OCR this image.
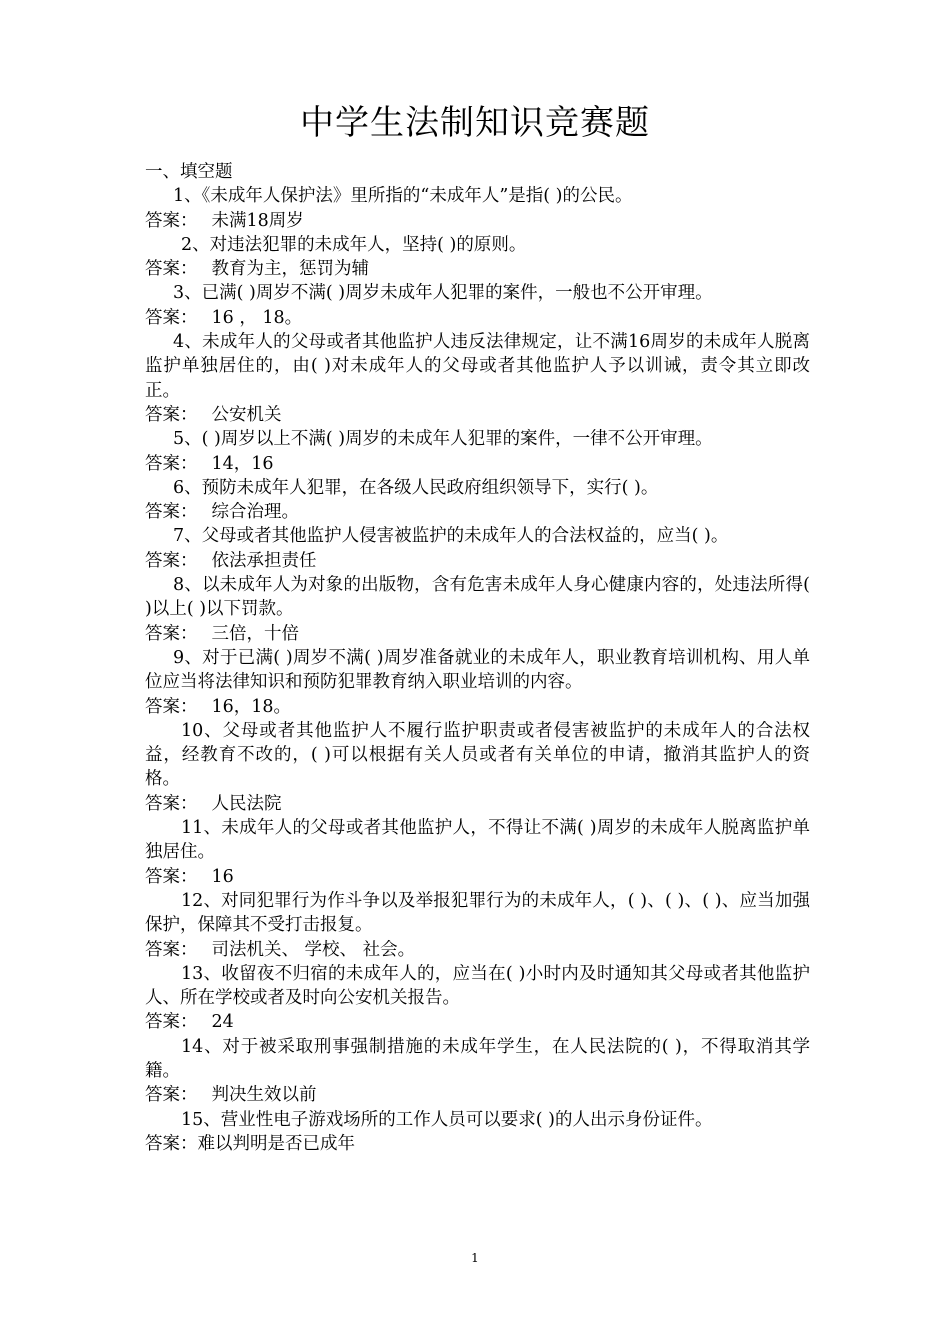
中学生法制知识竞赛题

一、填空题

1、《未成年人保护法》里所指的“未成年人”是指( )的公民。

答案： 未满18周岁

2、对违法犯罪的未成年人，坚持( )的原则。

答案： 教育为主，惩罚为辅

3、已满( )周岁不满( )周岁未成年人犯罪的案件，一般也不公开审理。

答案： 16 ， 18。

4、未成年人的父母或者其他监护人违反法律规定，让不满16周岁的未成年人脱离监护单独居住的，由( )对未成年人的父母或者其他监护人予以训诫，责令其立即改正。

答案： 公安机关

5、( )周岁以上不满( )周岁的未成年人犯罪的案件，一律不公开审理。

答案： 14，16

6、预防未成年人犯罪，在各级人民政府组织领导下，实行( )。

答案： 综合治理。

7、父母或者其他监护人侵害被监护的未成年人的合法权益的，应当( )。

答案： 依法承担责任

8、以未成年人为对象的出版物，含有危害未成年人身心健康内容的，处违法所得( )以上( )以下罚款。

答案： 三倍，十倍

9、对于已满( )周岁不满( )周岁准备就业的未成年人，职业教育培训机构、用人单位应当将法律知识和预防犯罪教育纳入职业培训的内容。

答案： 16，18。

10、父母或者其他监护人不履行监护职责或者侵害被监护的未成年人的合法权益，经教育不改的，( )可以根据有关人员或者有关单位的申请，撤消其监护人的资格。

答案： 人民法院

11、未成年人的父母或者其他监护人，不得让不满( )周岁的未成年人脱离监护单独居住。

答案： 16

12、对同犯罪行为作斗争以及举报犯罪行为的未成年人，( )、( )、( )、应当加强保护，保障其不受打击报复。

答案： 司法机关、 学校、 社会。

13、收留夜不归宿的未成年人的，应当在( )小时内及时通知其父母或者其他监护人、所在学校或者及时向公安机关报告。

答案： 24

14、对于被采取刑事强制措施的未成年学生，在人民法院的( )，不得取消其学籍。

答案： 判决生效以前

15、营业性电子游戏场所的工作人员可以要求( )的人出示身份证件。

答案：难以判明是否已成年

1
